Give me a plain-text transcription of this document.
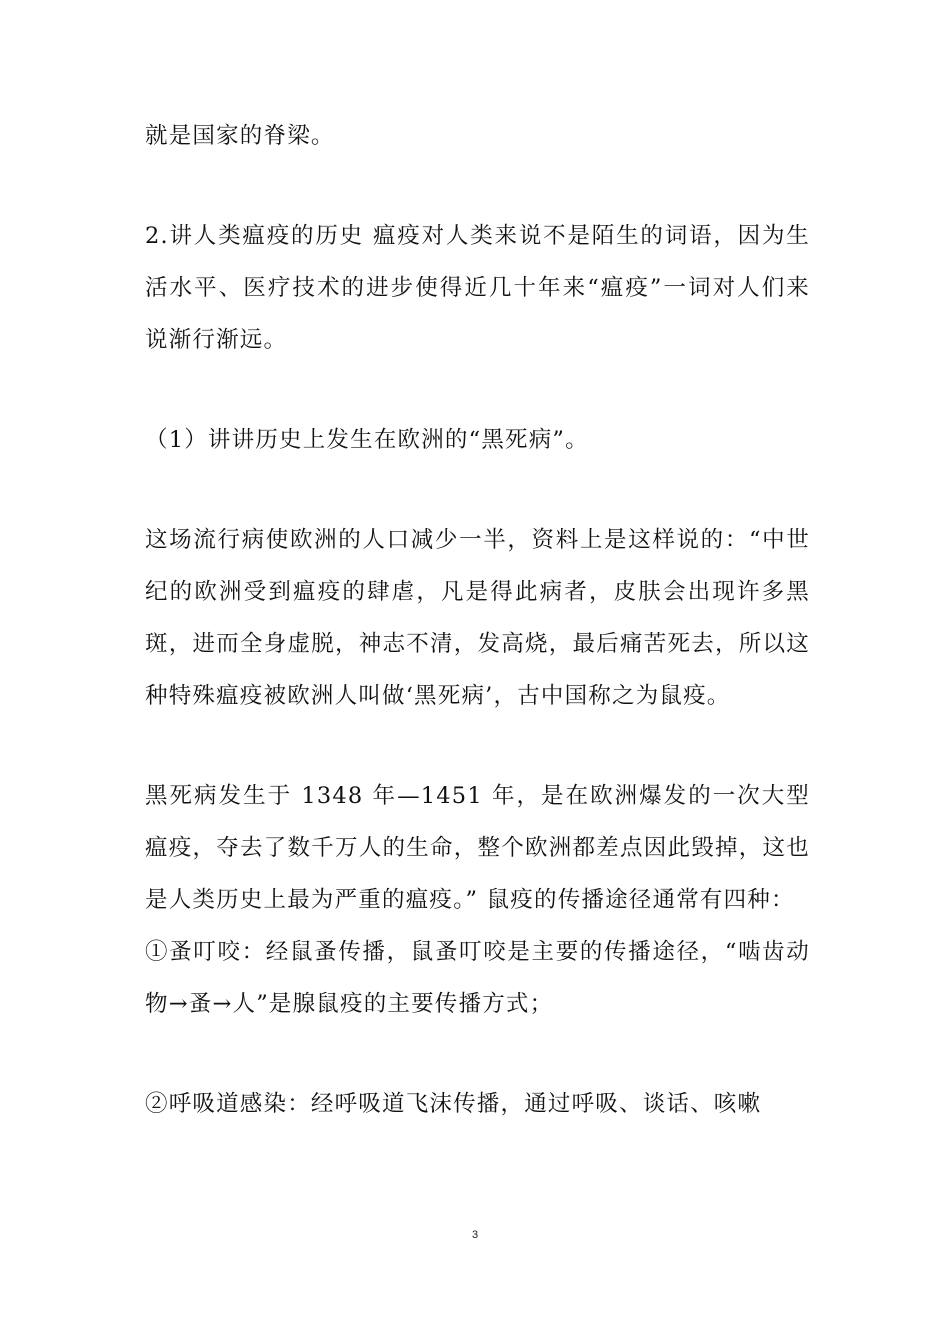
就是国家的脊梁。

2.讲人类瘟疫的历史 瘟疫对人类来说不是陌生的词语，因为生活水平、医疗技术的进步使得近几十年来“瘟疫”一词对人们来说渐行渐远。

（1）讲讲历史上发生在欧洲的“黑死病”。

这场流行病使欧洲的人口减少一半，资料上是这样说的：“中世纪的欧洲受到瘟疫的肆虐，凡是得此病者，皮肤会出现许多黑斑，进而全身虚脱，神志不清，发高烧，最后痛苦死去，所以这种特殊瘟疫被欧洲人叫做‘黑死病’，古中国称之为鼠疫。

黑死病发生于 1348 年—1451 年，是在欧洲爆发的一次大型瘟疫，夺去了数千万人的生命，整个欧洲都差点因此毁掉，这也是人类历史上最为严重的瘟疫。” 鼠疫的传播途径通常有四种：

①蚤叮咬：经鼠蚤传播，鼠蚤叮咬是主要的传播途径，“啮齿动物→蚤→人”是腺鼠疫的主要传播方式；

②呼吸道感染：经呼吸道飞沫传播，通过呼吸、谈话、咳嗽

3
